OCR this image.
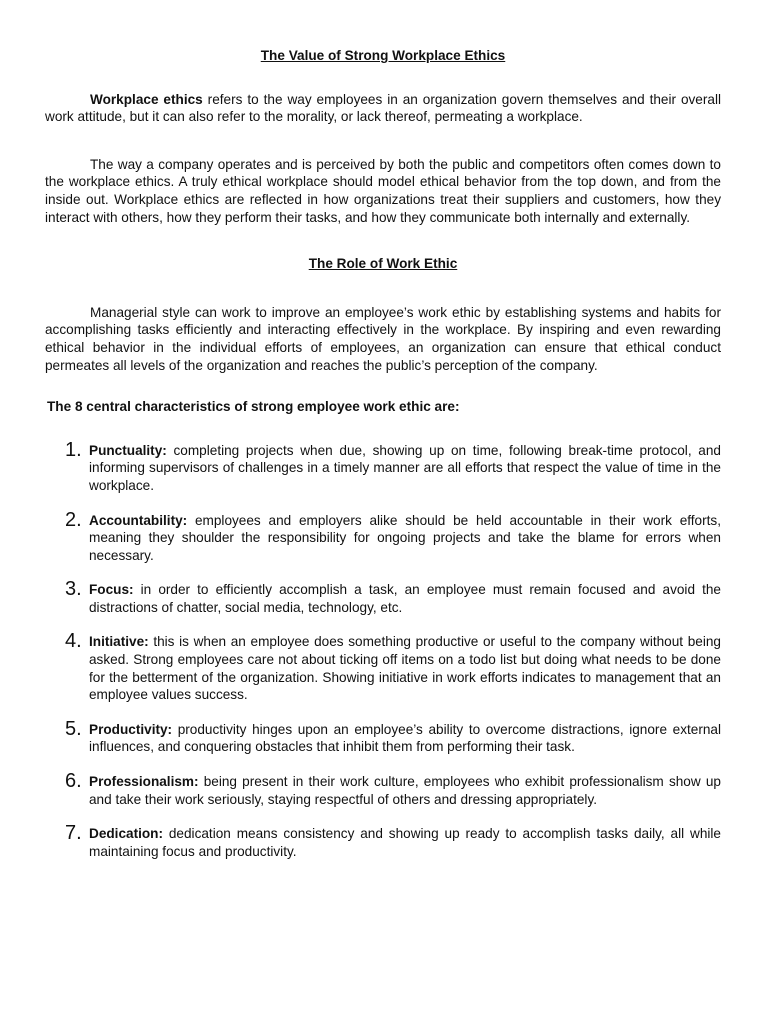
The Value of Strong Workplace Ethics

Workplace ethics refers to the way employees in an organization govern themselves and their overall work attitude, but it can also refer to the morality, or lack thereof, permeating a workplace.

The way a company operates and is perceived by both the public and competitors often comes down to the workplace ethics. A truly ethical workplace should model ethical behavior from the top down, and from the inside out. Workplace ethics are reflected in how organizations treat their suppliers and customers, how they interact with others, how they perform their tasks, and how they communicate both internally and externally.

The Role of Work Ethic

Managerial style can work to improve an employee’s work ethic by establishing systems and habits for accomplishing tasks efficiently and interacting effectively in the workplace. By inspiring and even rewarding ethical behavior in the individual efforts of employees, an organization can ensure that ethical conduct permeates all levels of the organization and reaches the public’s perception of the company.

The 8 central characteristics of strong employee work ethic are:
1. Punctuality: completing projects when due, showing up on time, following break-time protocol, and informing supervisors of challenges in a timely manner are all efforts that respect the value of time in the workplace.
2. Accountability: employees and employers alike should be held accountable in their work efforts, meaning they shoulder the responsibility for ongoing projects and take the blame for errors when necessary.
3. Focus: in order to efficiently accomplish a task, an employee must remain focused and avoid the distractions of chatter, social media, technology, etc.
4. Initiative: this is when an employee does something productive or useful to the company without being asked. Strong employees care not about ticking off items on a todo list but doing what needs to be done for the betterment of the organization. Showing initiative in work efforts indicates to management that an employee values success.
5. Productivity: productivity hinges upon an employee’s ability to overcome distractions, ignore external influences, and conquering obstacles that inhibit them from performing their task.
6. Professionalism: being present in their work culture, employees who exhibit professionalism show up and take their work seriously, staying respectful of others and dressing appropriately.
7. Dedication: dedication means consistency and showing up ready to accomplish tasks daily, all while maintaining focus and productivity.
